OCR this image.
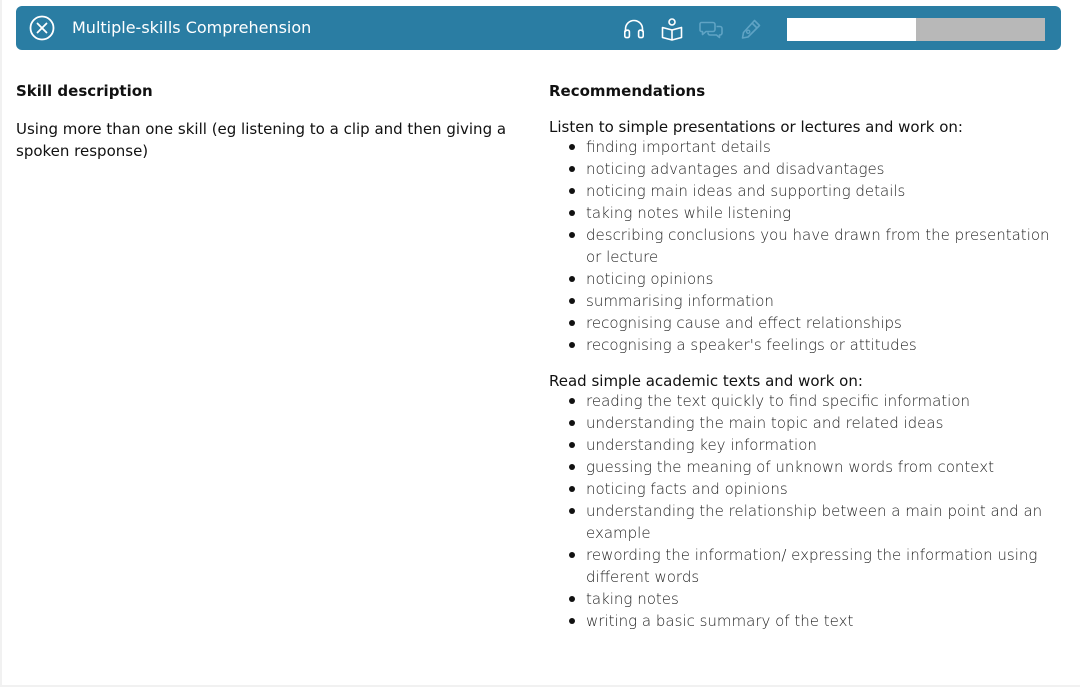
Multiple-skills Comprehension
Skill description

Using more than one skill (eg listening to a clip and then giving a spoken response)

Recommendations
Listen to simple presentations or lectures and work on:
finding important details
noticing advantages and disadvantages
noticing main ideas and supporting details
taking notes while listening
describing conclusions you have drawn from the presentation or lecture
noticing opinions
summarising information
recognising cause and effect relationships
recognising a speaker's feelings or attitudes
Read simple academic texts and work on:
reading the text quickly to find specific information
understanding the main topic and related ideas
understanding key information
guessing the meaning of unknown words from context
noticing facts and opinions
understanding the relationship between a main point and an example
rewording the information/ expressing the information using different words
taking notes
writing a basic summary of the text
